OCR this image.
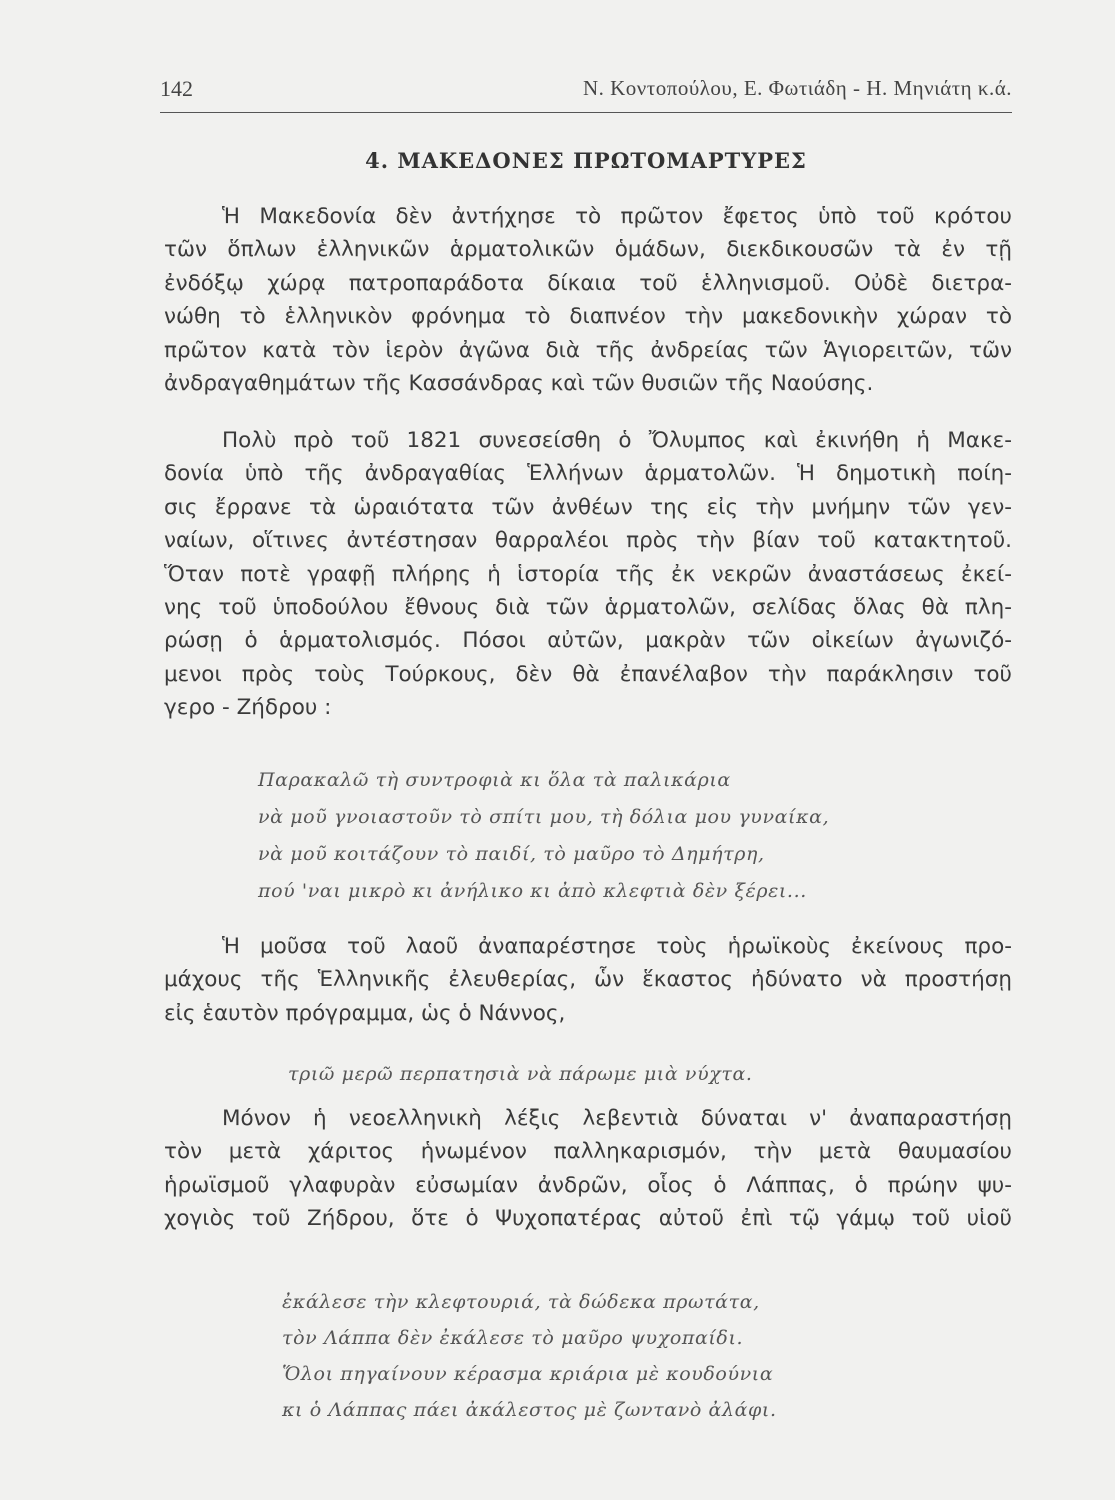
142	Ν. Κοντοπούλου, Ε. Φωτιάδη - Η. Μηνιάτη κ.ά.
4. ΜΑΚΕΔΟΝΕΣ ΠΡΩΤΟΜΑΡΤΥΡΕΣ
Ἡ Μακεδονία δὲν ἀντήχησε τὸ πρῶτον ἔφετος ὑπὸ τοῦ κρότου
τῶν ὅπλων ἑλληνικῶν ἁρματολικῶν ὁμάδων, διεκδικουσῶν τὰ ἐν τῇ
ἐνδόξῳ χώρᾳ πατροπαράδοτα δίκαια τοῦ ἑλληνισμοῦ. Οὐδὲ διετρα-
νώθη τὸ ἑλληνικὸν φρόνημα τὸ διαπνέον τὴν μακεδονικὴν χώραν τὸ
πρῶτον κατὰ τὸν ἱερὸν ἀγῶνα διὰ τῆς ἀνδρείας τῶν Ἁγιορειτῶν, τῶν
ἀνδραγαθημάτων τῆς Κασσάνδρας καὶ τῶν θυσιῶν τῆς Ναούσης.
Πολὺ πρὸ τοῦ 1821 συνεσείσθη ὁ Ὄλυμπος καὶ ἐκινήθη ἡ Μακε-
δονία ὑπὸ τῆς ἀνδραγαθίας Ἑλλήνων ἁρματολῶν. Ἡ δημοτικὴ ποίη-
σις ἔρρανε τὰ ὡραιότατα τῶν ἀνθέων της εἰς τὴν μνήμην τῶν γεν-
ναίων, οἵτινες ἀντέστησαν θαρραλέοι πρὸς τὴν βίαν τοῦ κατακτητοῦ.
Ὅταν ποτὲ γραφῇ πλήρης ἡ ἱστορία τῆς ἐκ νεκρῶν ἀναστάσεως ἐκεί-
νης τοῦ ὑποδούλου ἔθνους διὰ τῶν ἁρματολῶν, σελίδας ὅλας θὰ πλη-
ρώσῃ ὁ ἁρματολισμός. Πόσοι αὐτῶν, μακρὰν τῶν οἰκείων ἀγωνιζό-
μενοι πρὸς τοὺς Τούρκους, δὲν θὰ ἐπανέλαβον τὴν παράκλησιν τοῦ
γερο - Ζήδρου :
Παρακαλῶ τὴ συντροφιὰ κι ὅλα τὰ παλικάρια
νὰ μοῦ γνοιαστοῦν τὸ σπίτι μου, τὴ δόλια μου γυναίκα,
νὰ μοῦ κοιτάζουν τὸ παιδί, τὸ μαῦρο τὸ Δημήτρη,
πού 'ναι μικρὸ κι ἀνήλικο κι ἀπὸ κλεφτιὰ δὲν ξέρει...
Ἡ μοῦσα τοῦ λαοῦ ἀναπαρέστησε τοὺς ἡρωϊκοὺς ἐκείνους προ-
μάχους τῆς Ἑλληνικῆς ἐλευθερίας, ὧν ἕκαστος ἠδύνατο νὰ προστήσῃ
εἰς ἑαυτὸν πρόγραμμα, ὡς ὁ Νάννος,
τριῶ μερῶ περπατησιὰ νὰ πάρωμε μιὰ νύχτα.
Μόνον ἡ νεοελληνικὴ λέξις λεβεντιὰ δύναται ν' ἀναπαραστήσῃ
τὸν μετὰ χάριτος ἡνωμένον παλληκαρισμόν, τὴν μετὰ θαυμασίου
ἡρωϊσμοῦ γλαφυρὰν εὐσωμίαν ἀνδρῶν, οἷος ὁ Λάππας, ὁ πρώην ψυ-
χογιὸς τοῦ Ζήδρου, ὅτε ὁ Ψυχοπατέρας αὐτοῦ ἐπὶ τῷ γάμῳ τοῦ υἱοῦ
ἐκάλεσε τὴν κλεφτουριά, τὰ δώδεκα πρωτάτα,
τὸν Λάππα δὲν ἐκάλεσε τὸ μαῦρο ψυχοπαίδι.
Ὅλοι πηγαίνουν κέρασμα κριάρια μὲ κουδούνια
κι ὁ Λάππας πάει ἀκάλεστος μὲ ζωντανὸ ἀλάφι.
